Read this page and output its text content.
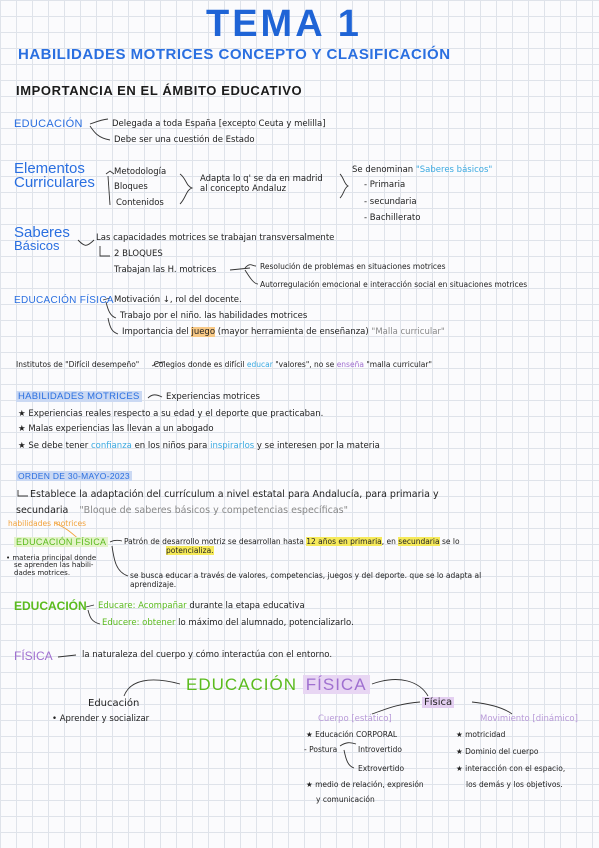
TEMA 1
HABILIDADES MOTRICES CONCEPTO Y CLASIFICACIÓN
IMPORTANCIA EN EL ÁMBITO EDUCATIVO
EDUCACIÓN	Delegada a toda España [excepto Ceuta y melilla]
Debe ser una cuestión de Estado
Elementos
Curriculares
Metodología
Bloques
Contenidos
Adapta lo q' se da en madrid
al concepto Andaluz
Se denominan "Saberes básicos"
- Primaria
- secundaria
- Bachillerato
Saberes
Básicos
Las capacidades motrices se trabajan transversalmente
2 BLOQUES
Trabajan las H. motrices	Resolución de problemas en situaciones motrices
Autorregulación emocional e interacción social en situaciones motrices
EDUCACIÓN FÍSICA Motivación ↓, rol del docente.
Trabajo por el niño. las habilidades motrices
Importancia del juego (mayor herramienta de enseñanza) "Malla curricular"
Institutos de "Difícil desempeño" Colegios donde es difícil educar "valores", no se enseña "malla curricular"
HABILIDADES MOTRICES	Experiencias motrices
★ Experiencias reales respecto a su edad y el deporte que practicaban.
★ Malas experiencias las llevan a un abogado
★ Se debe tener confianza en los niños para inspirarlos y se interesen por la materia
ORDEN DE 30-MAYO-2023
Establece la adaptación del currículum a nivel estatal para Andalucía, para primaria y
secundaria "Bloque de saberes básicos y competencias específicas"
habilidades motrices
EDUCACIÓN FÍSICA Patrón de desarrollo motriz se desarrollan hasta 12 años en primaria, en secundaria se lo
potencializa.
• materia principal donde
se aprenden las habili-
dades motrices.	se busca educar a través de valores, competencias, juegos y del deporte. que se lo adapta al
aprendizaje.
EDUCACIÓN Educare: Acompañar durante la etapa educativa
Educere: obtener lo máximo del alumnado, potencializarlo.
FÍSICA	la naturaleza del cuerpo y cómo interactúa con el entorno.
EDUCACIÓN FÍSICA
Educación
• Aprender y socializar
Física
Cuerpo [estático]
★ Educación CORPORAL
- Postura	Introvertido
Extrovertido
★ medio de relación, expresión
y comunicación
Movimiento [dinámico]
★ motricidad
★ Dominio del cuerpo
★ interacción con el espacio,
los demás y los objetivos.
